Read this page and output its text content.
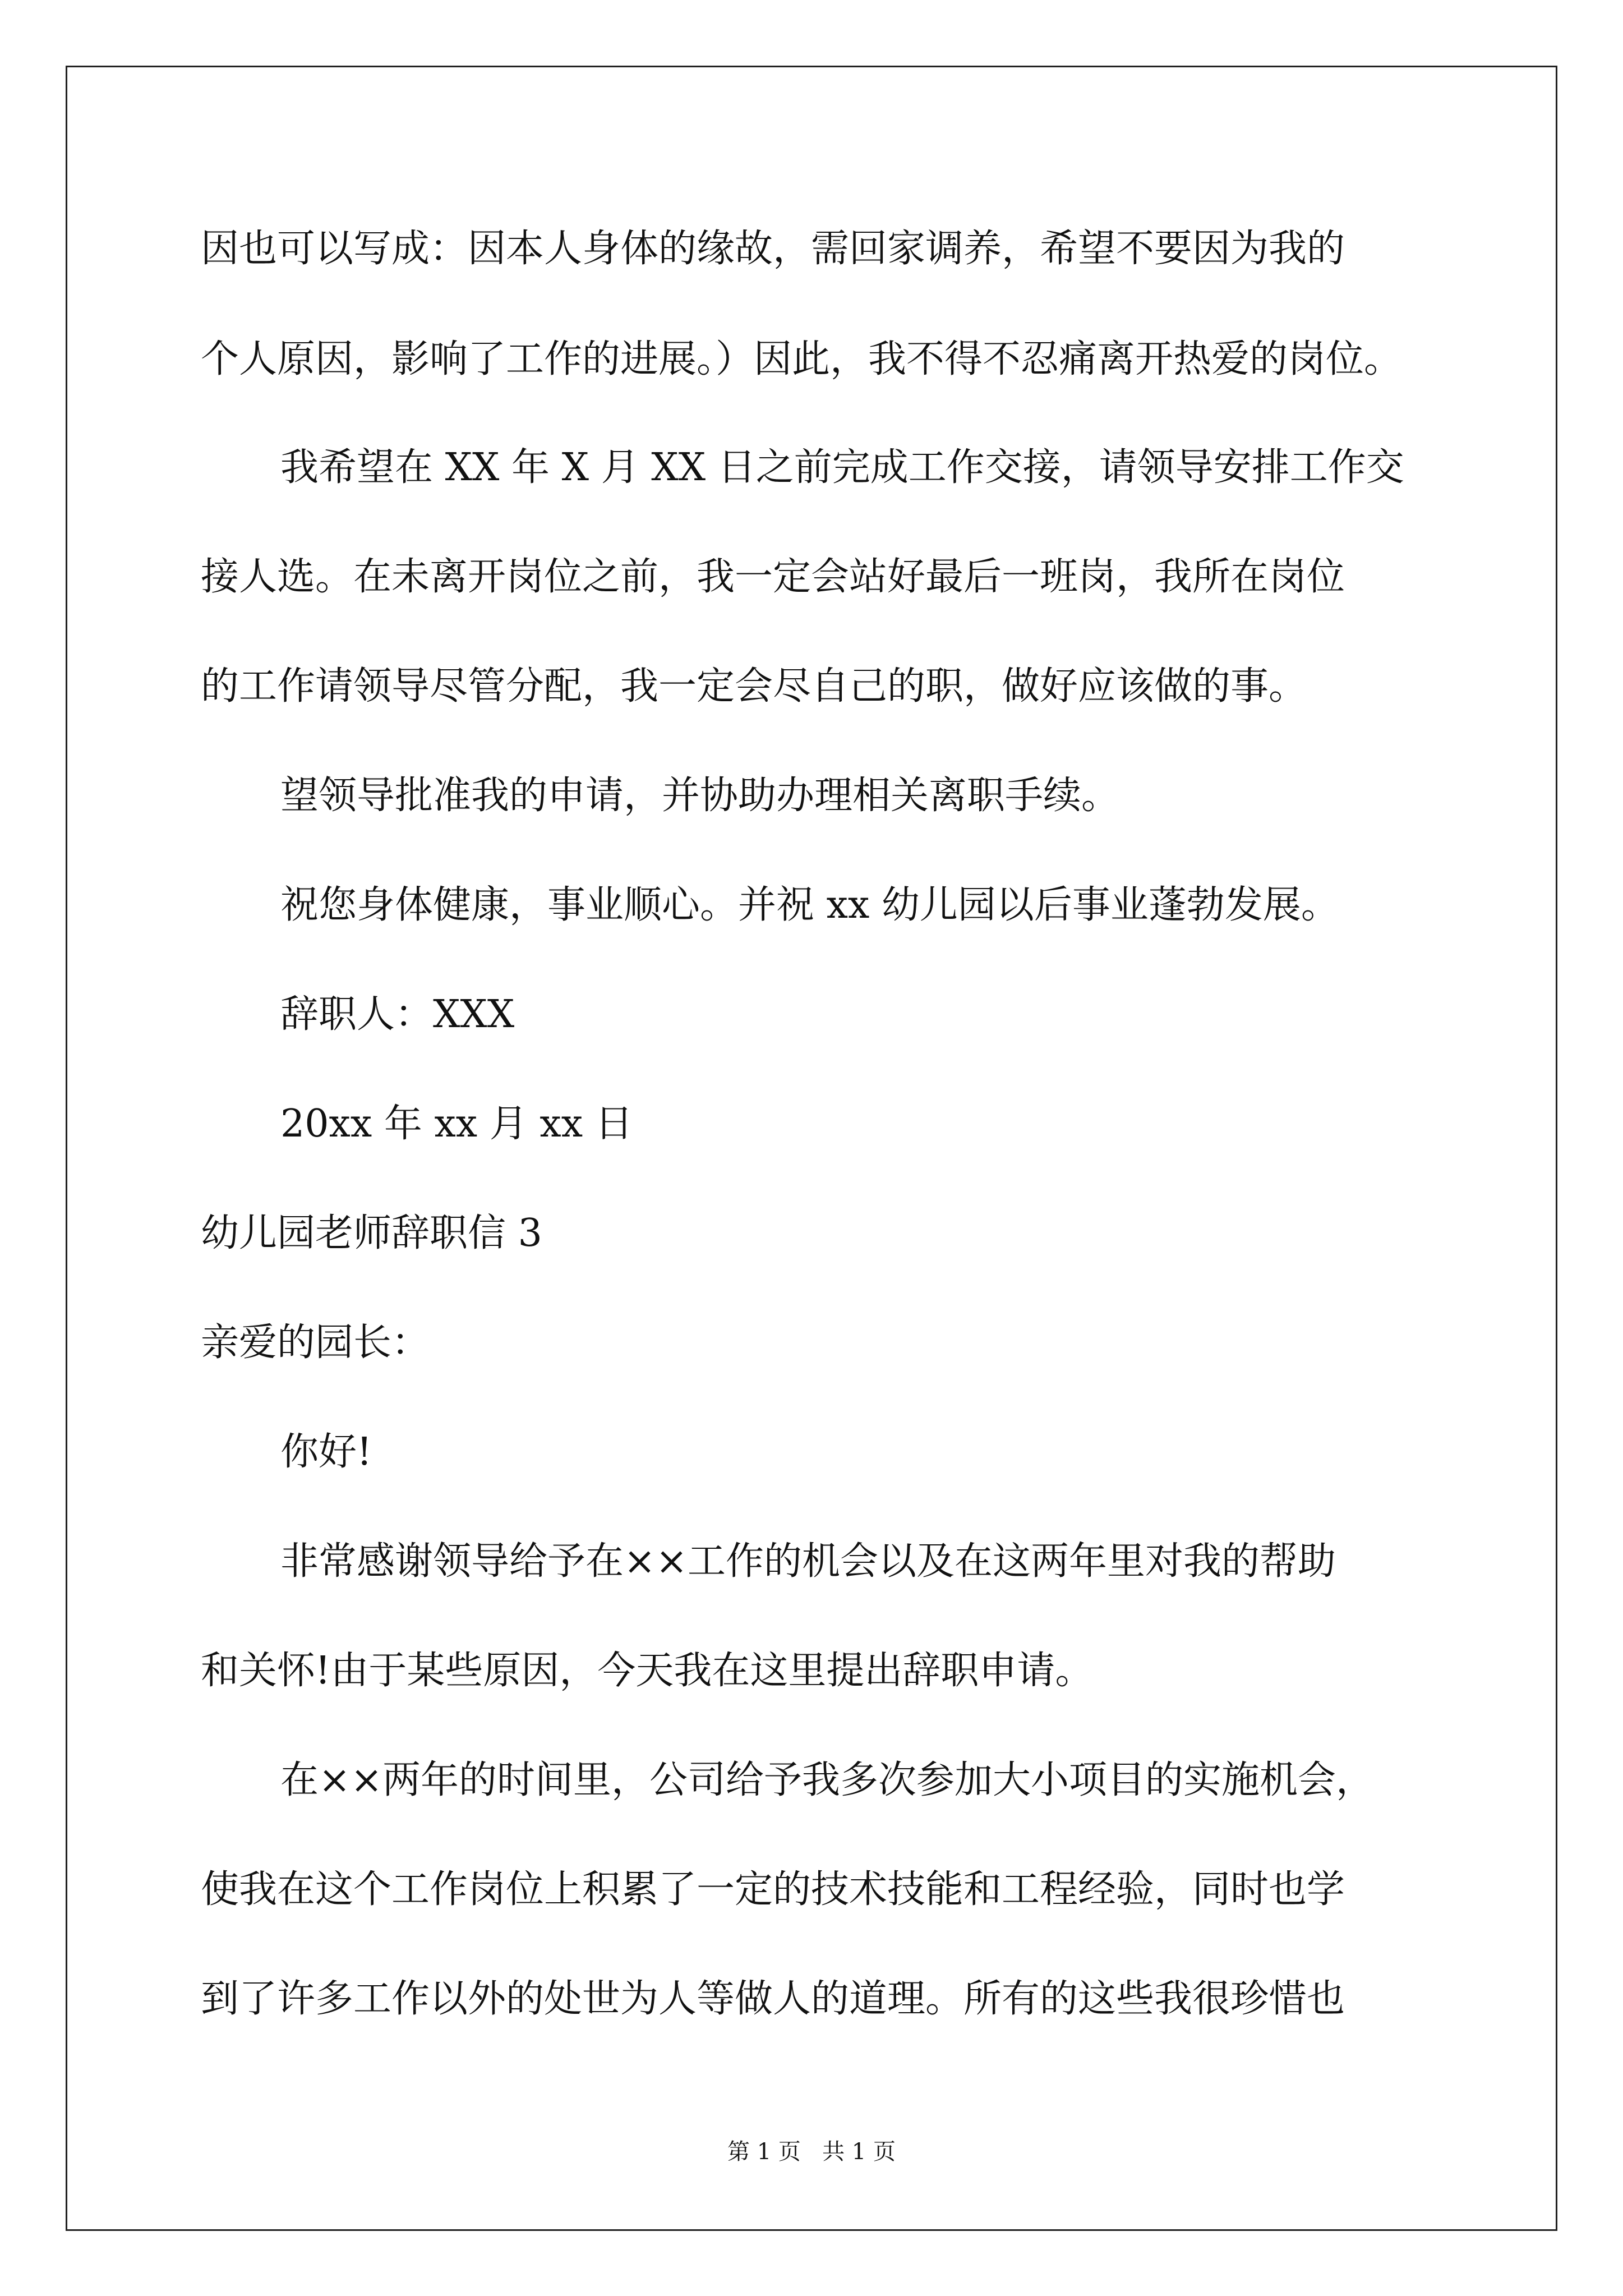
因也可以写成：因本人身体的缘故，需回家调养，希望不要因为我的
个人原因，影响了工作的进展。）因此，我不得不忍痛离开热爱的岗位。
我希望在 XX 年 X 月 XX 日之前完成工作交接，请领导安排工作交
接人选。在未离开岗位之前，我一定会站好最后一班岗，我所在岗位
的工作请领导尽管分配，我一定会尽自己的职，做好应该做的事。
望领导批准我的申请，并协助办理相关离职手续。
祝您身体健康，事业顺心。并祝 xx 幼儿园以后事业蓬勃发展。
辞职人：XXX
20xx 年 xx 月 xx 日
幼儿园老师辞职信 3
亲爱的园长：
你好!
非常感谢领导给予在××工作的机会以及在这两年里对我的帮助
和关怀!由于某些原因，今天我在这里提出辞职申请。
在××两年的时间里，公司给予我多次参加大小项目的实施机会，
使我在这个工作岗位上积累了一定的技术技能和工程经验，同时也学
到了许多工作以外的处世为人等做人的道理。所有的这些我很珍惜也
第 1 页   共 1 页
